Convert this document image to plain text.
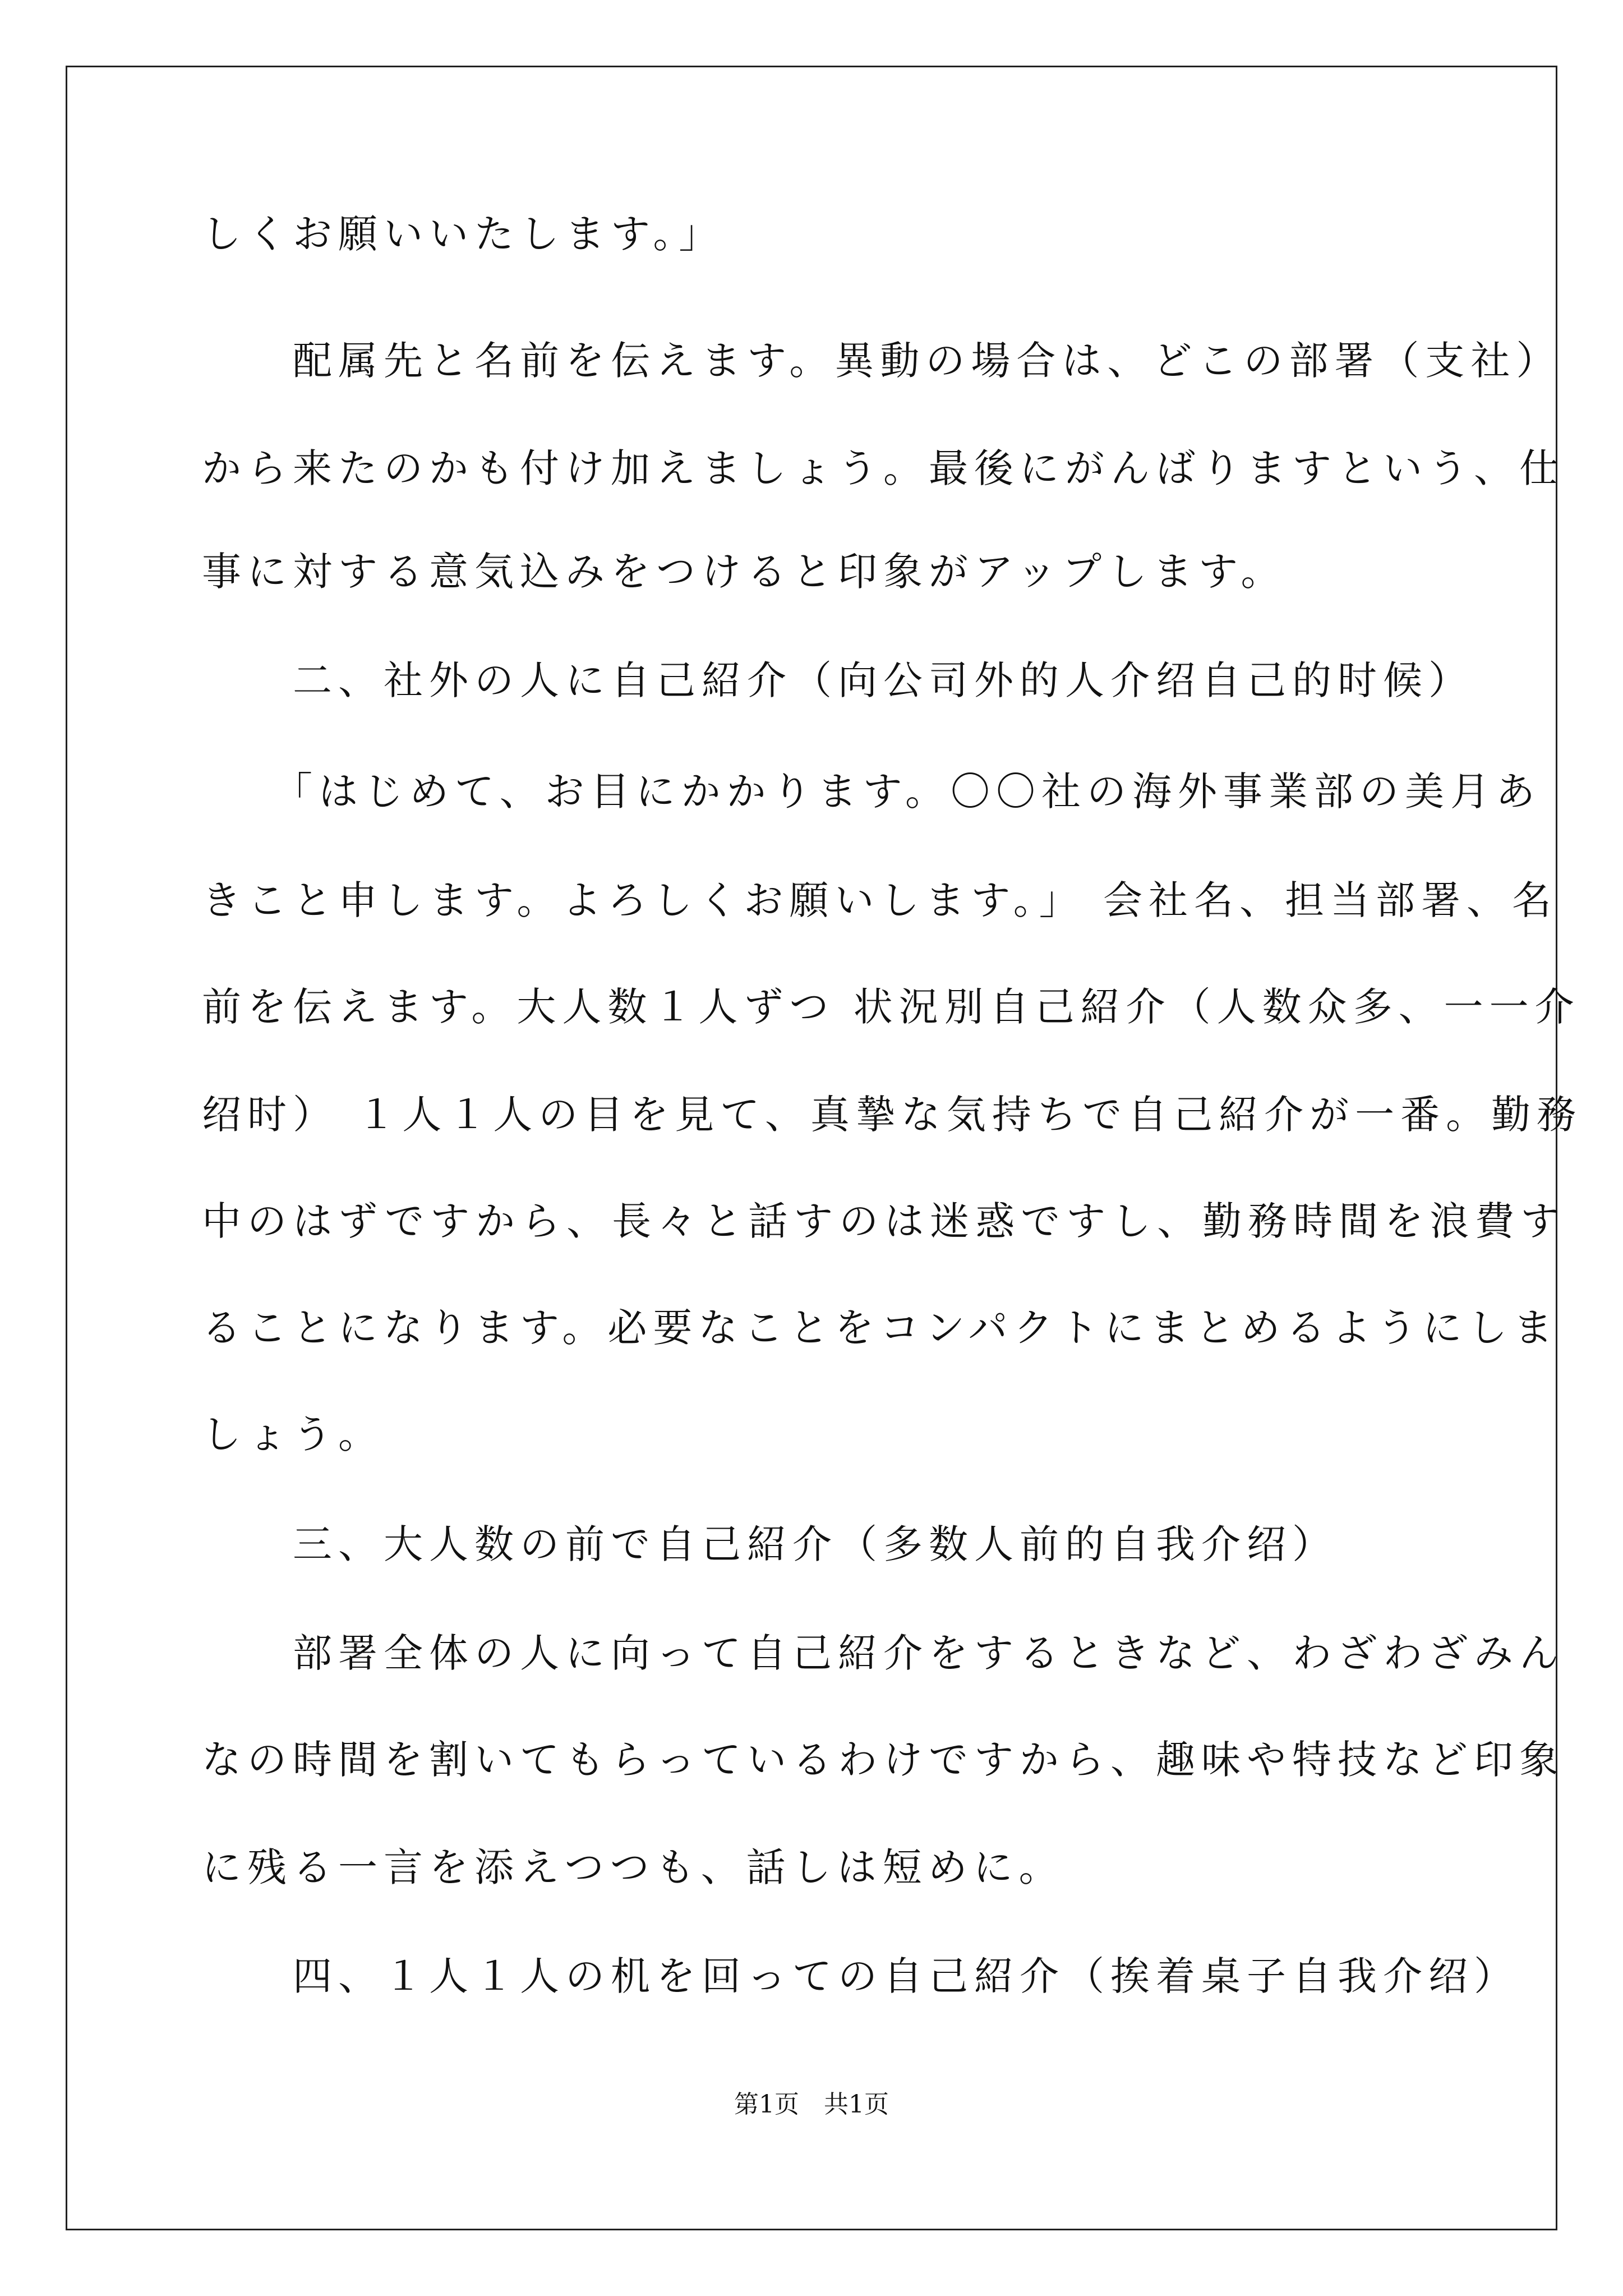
しくお願いいたします。」
　　配属先と名前を伝えます。異動の場合は、どこの部署（支社）
から来たのかも付け加えましょう。最後にがんばりますという、仕
事に対する意気込みをつけると印象がアップします。
　　二、社外の人に自己紹介（向公司外的人介绍自己的时候）
　　「はじめて、お目にかかります。〇〇社の海外事業部の美月あ
きこと申します。よろしくお願いします。」 会社名、担当部署、名
前を伝えます。大人数１人ずつ 状況別自己紹介（人数众多、一一介
绍时） １人１人の目を見て、真摯な気持ちで自己紹介が一番。勤務
中のはずですから、長々と話すのは迷惑ですし、勤務時間を浪費す
ることになります。必要なことをコンパクトにまとめるようにしま
しょう。
　　三、大人数の前で自己紹介（多数人前的自我介绍）
　　部署全体の人に向って自己紹介をするときなど、わざわざみん
なの時間を割いてもらっているわけですから、趣味や特技など印象
に残る一言を添えつつも、話しは短めに。
　　四、１人１人の机を回っての自己紹介（挨着桌子自我介绍）
第1页　共1页
